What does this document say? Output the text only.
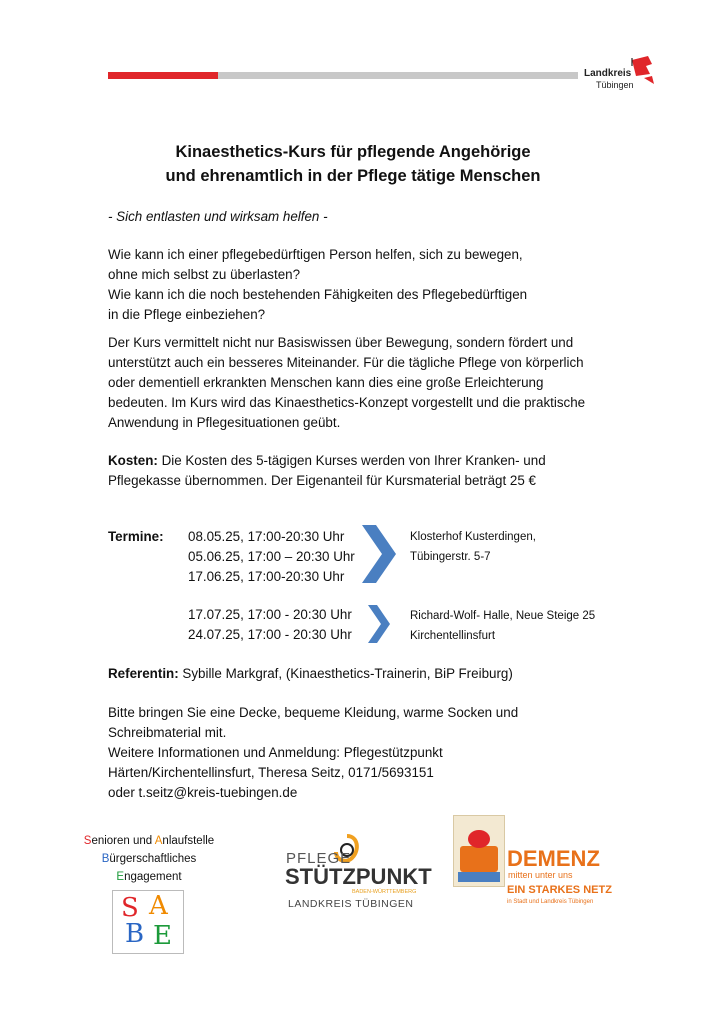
Landkreis
Tübingen
Kinaesthetics-Kurs für pflegende Angehörige
und ehrenamtlich in der Pflege tätige Menschen
- Sich entlasten und wirksam helfen -
Wie kann ich einer pflegebedürftigen Person helfen, sich zu bewegen,
ohne mich selbst zu überlasten?
Wie kann ich die noch bestehenden Fähigkeiten des Pflegebedürftigen
in die Pflege einbeziehen?
Der Kurs vermittelt nicht nur Basiswissen über Bewegung, sondern fördert und
unterstützt auch ein besseres Miteinander. Für die tägliche Pflege von körperlich
oder dementiell erkrankten Menschen kann dies eine große Erleichterung
bedeuten. Im Kurs wird das Kinaesthetics-Konzept vorgestellt und die praktische
Anwendung in Pflegesituationen geübt.
Kosten: Die Kosten des 5-tägigen Kurses werden von Ihrer Kranken- und
Pflegekasse übernommen. Der Eigenanteil für Kursmaterial beträgt 25 €
Termine: 08.05.25, 17:00-20:30 Uhr
05.06.25, 17:00 – 20:30 Uhr
17.06.25, 17:00-20:30 Uhr
Klosterhof Kusterdingen,
Tübingerstr. 5-7
17.07.25, 17:00 - 20:30 Uhr
24.07.25, 17:00 - 20:30 Uhr
Richard-Wolf- Halle, Neue Steige 25
Kirchentellinsfurt
Referentin: Sybille Markgraf, (Kinaesthetics-Trainerin, BiP Freiburg)
Bitte bringen Sie eine Decke, bequeme Kleidung, warme Socken und
Schreibmaterial mit.
Weitere Informationen und Anmeldung: Pflegestützpunkt
Härten/Kirchentellinsfurt, Theresa Seitz, 0171/5693151
oder t.seitz@kreis-tuebingen.de
Senioren und Anlaufstelle
Bürgerschaftliches
Engagement
S A
B E
PFLEGE
STÜTZPUNKT
BADEN-WÜRTTEMBERG
LANDKREIS TÜBINGEN
DEMENZ
mitten unter uns
EIN STARKES NETZ
in Stadt und Landkreis Tübingen
